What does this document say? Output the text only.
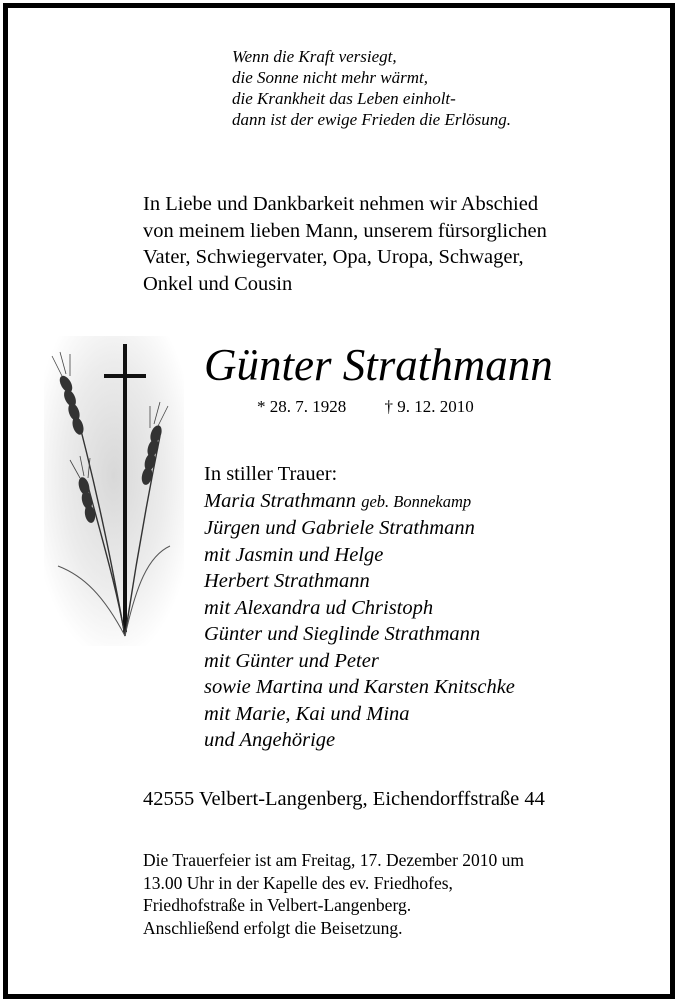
Wenn die Kraft versiegt,
die Sonne nicht mehr wärmt,
die Krankheit das Leben einholt-
dann ist der ewige Frieden die Erlösung.
In Liebe und Dankbarkeit nehmen wir Abschied
von meinem lieben Mann, unserem fürsorglichen
Vater, Schwiegervater, Opa, Uropa, Schwager,
Onkel und Cousin
Günter Strathmann
* 28. 7. 1928 † 9. 12. 2010
In stiller Trauer:
Maria Strathmann geb. Bonnekamp
Jürgen und Gabriele Strathmann
mit Jasmin und Helge
Herbert Strathmann
mit Alexandra ud Christoph
Günter und Sieglinde Strathmann
mit Günter und Peter
sowie Martina und Karsten Knitschke
mit Marie, Kai und Mina
und Angehörige
42555 Velbert-Langenberg, Eichendorffstraße 44
Die Trauerfeier ist am Freitag, 17. Dezember 2010 um
13.00 Uhr in der Kapelle des ev. Friedhofes,
Friedhofstraße in Velbert-Langenberg.
Anschließend erfolgt die Beisetzung.
